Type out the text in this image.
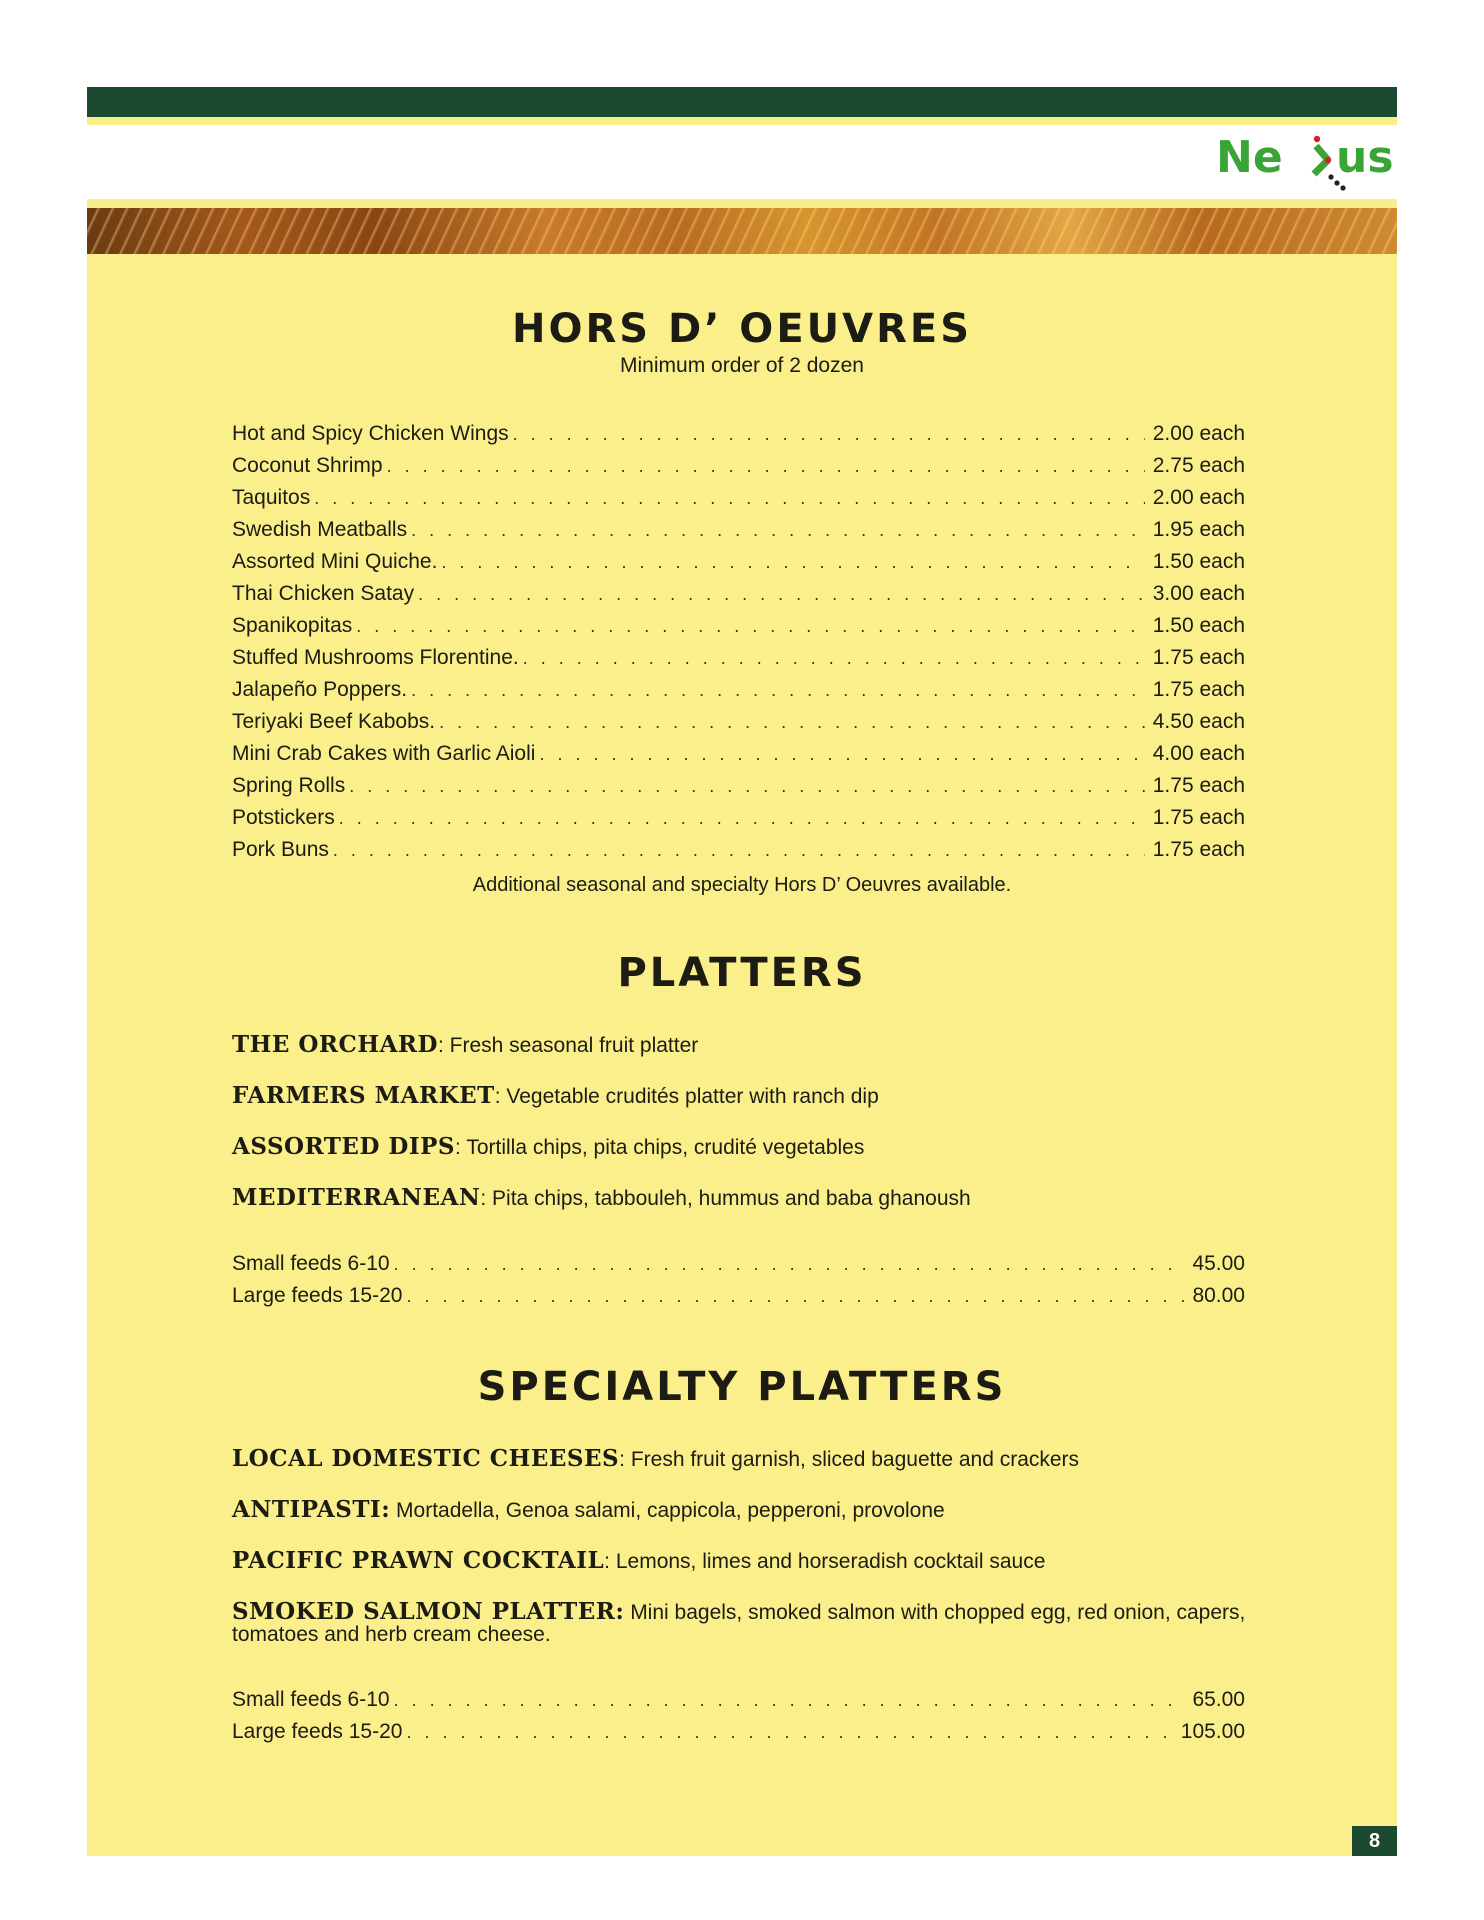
Ne us
HORS D’ OEUVRES
Minimum order of 2 dozen
Hot and Spicy Chicken Wings . . .	2.00 each
Coconut Shrimp . . .	2.75 each
Taquitos . . .	2.00 each
Swedish Meatballs . . .	1.95 each
Assorted Mini Quiche. . . .	1.50 each
Thai Chicken Satay . . .	3.00 each
Spanikopitas . . .	1.50 each
Stuffed Mushrooms Florentine. . . .	1.75 each
Jalapeño Poppers. . . .	1.75 each
Teriyaki Beef Kabobs. . . .	4.50 each
Mini Crab Cakes with Garlic Aioli . . .	4.00 each
Spring Rolls . . .	1.75 each
Potstickers . . .	1.75 each
Pork Buns . . .	1.75 each
Additional seasonal and specialty Hors D’ Oeuvres available.
PLATTERS
THE ORCHARD: Fresh seasonal fruit platter
FARMERS MARKET: Vegetable crudités platter with ranch dip
ASSORTED DIPS: Tortilla chips, pita chips, crudité vegetables
MEDITERRANEAN: Pita chips, tabbouleh, hummus and baba ghanoush
Small feeds 6-10 . . .	45.00
Large feeds 15-20 . . .	80.00
SPECIALTY PLATTERS
LOCAL DOMESTIC CHEESES: Fresh fruit garnish, sliced baguette and crackers
ANTIPASTI: Mortadella, Genoa salami, cappicola, pepperoni, provolone
PACIFIC PRAWN COCKTAIL: Lemons, limes and horseradish cocktail sauce
SMOKED SALMON PLATTER: Mini bagels, smoked salmon with chopped egg, red onion, capers, tomatoes and herb cream cheese.
Small feeds 6-10 . . .	65.00
Large feeds 15-20 . . .	105.00
8
